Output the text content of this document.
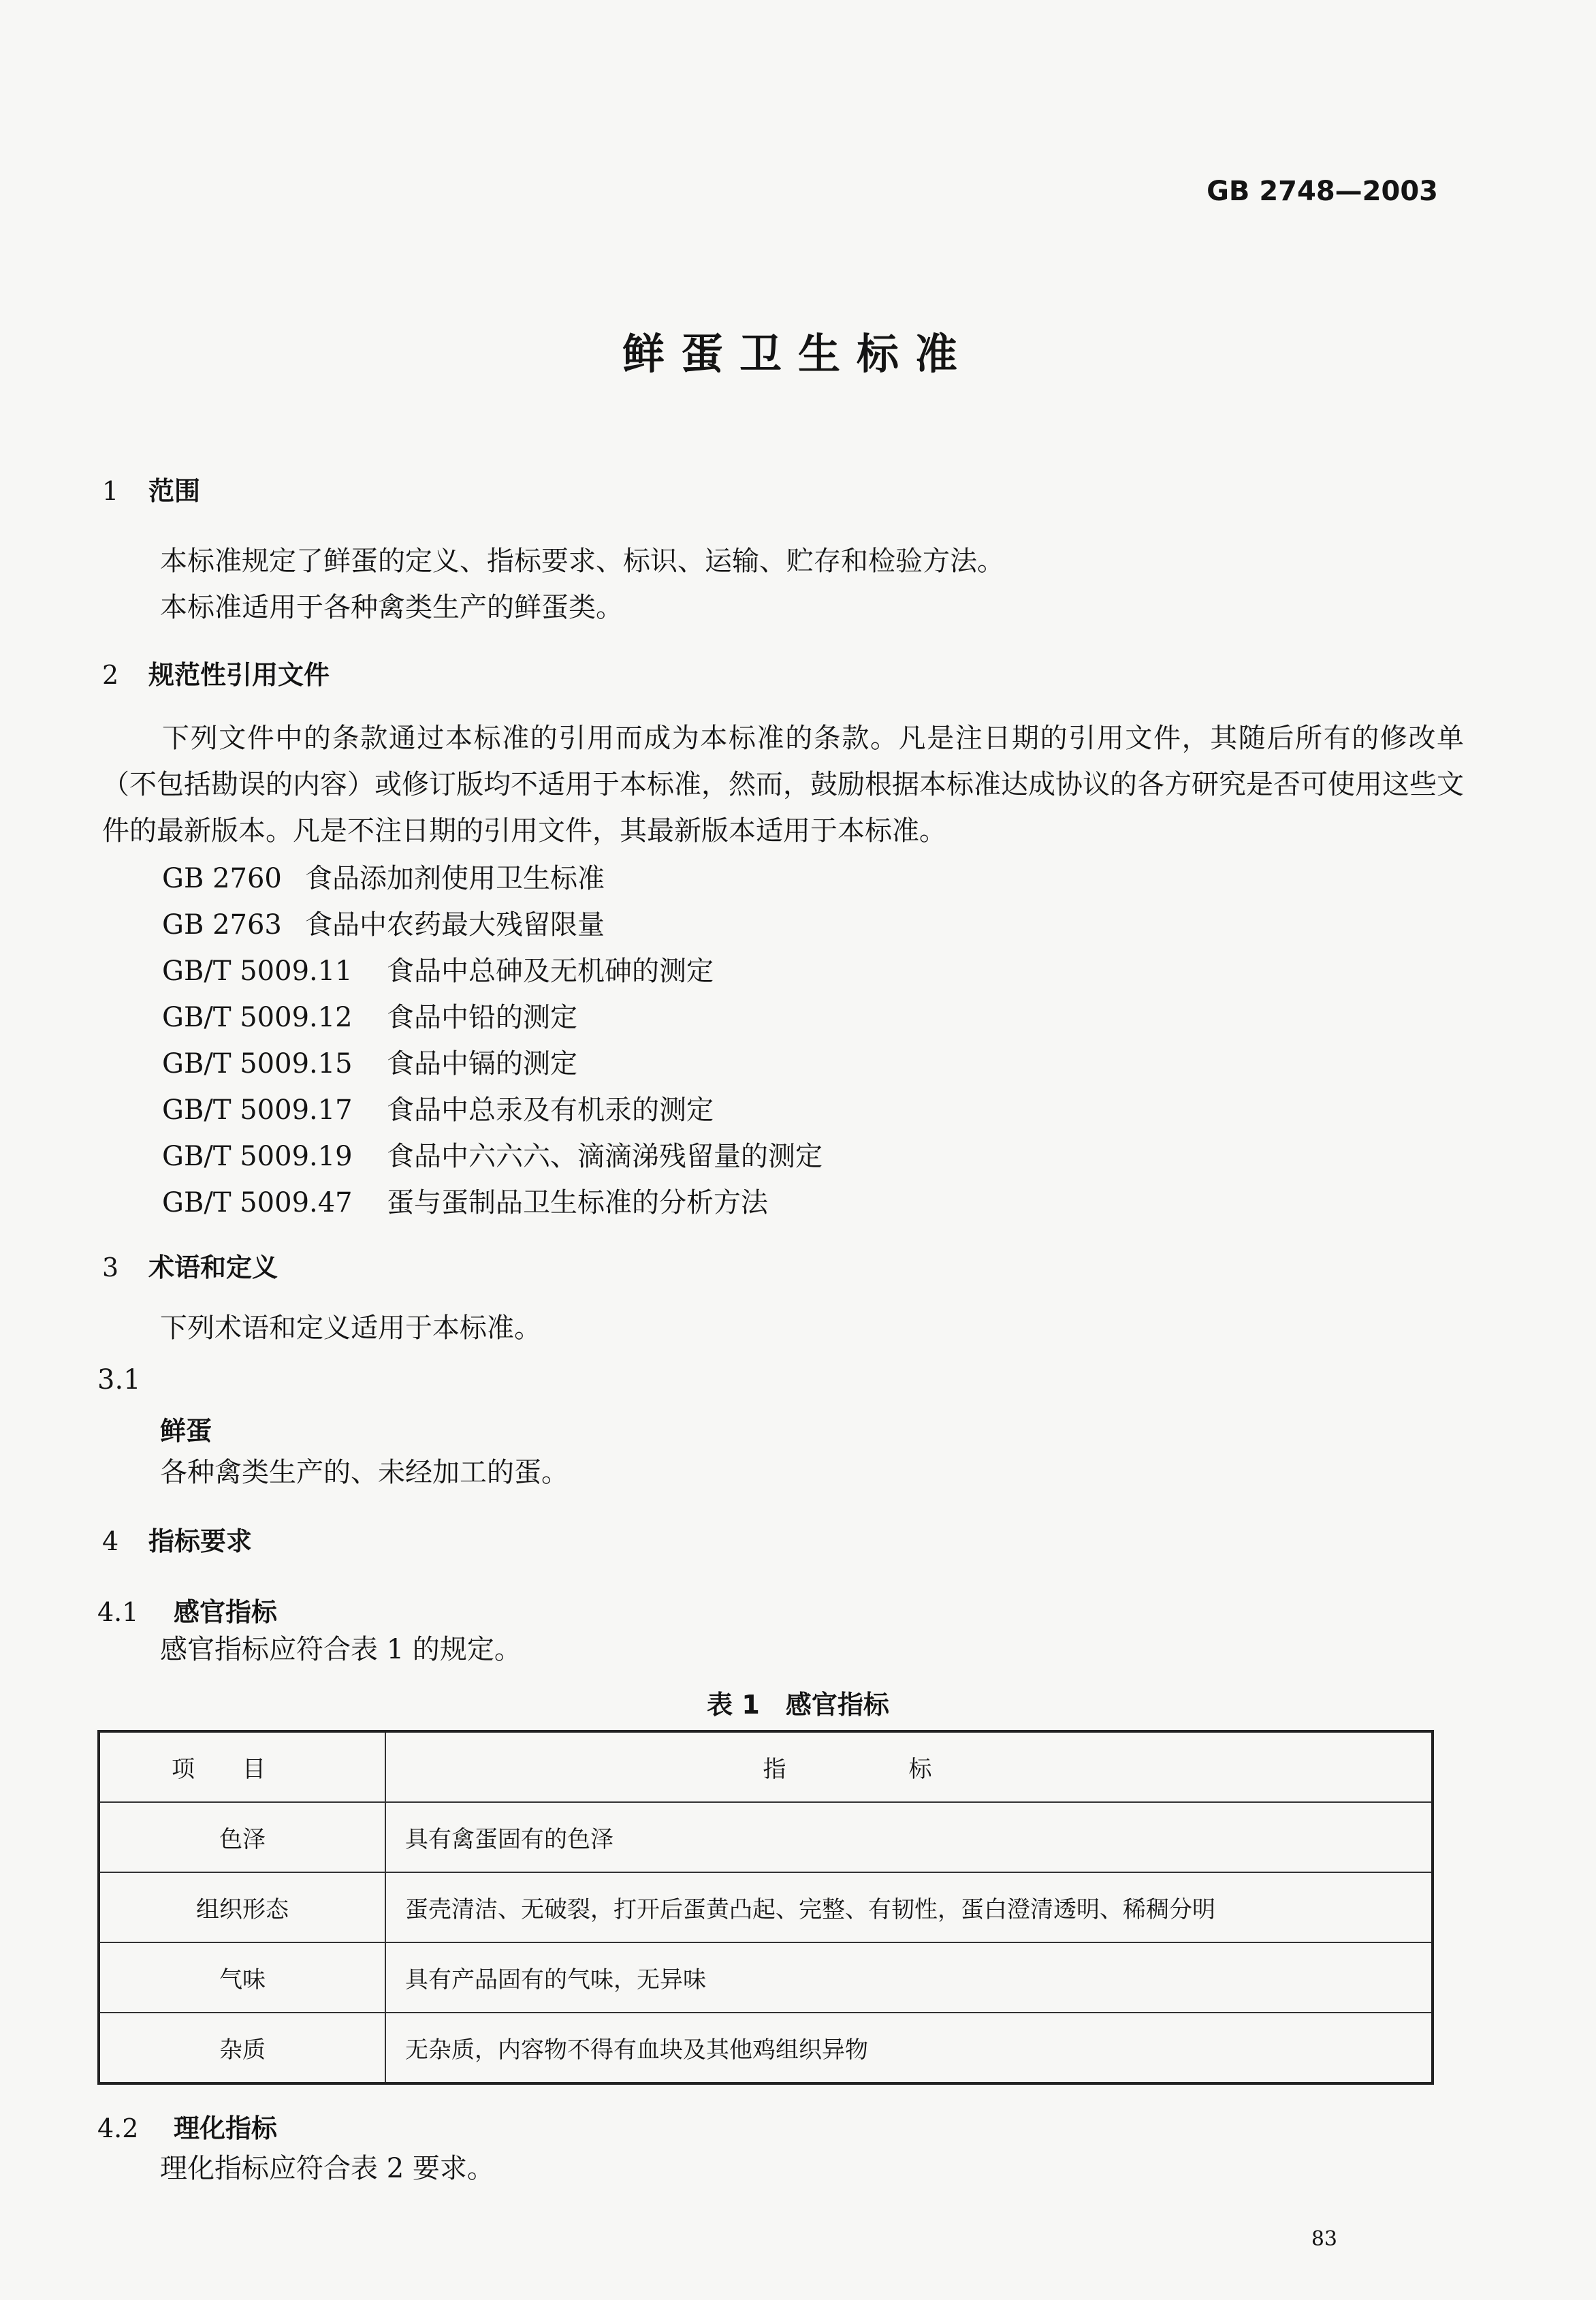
GB 2748—2003
鲜蛋卫生标准
1 范围
本标准规定了鲜蛋的定义、指标要求、标识、运输、贮存和检验方法。
本标准适用于各种禽类生产的鲜蛋类。
2 规范性引用文件
下列文件中的条款通过本标准的引用而成为本标准的条款。凡是注日期的引用文件，其随后所有的修改单（不包括勘误的内容）或修订版均不适用于本标准，然而，鼓励根据本标准达成协议的各方研究是否可使用这些文件的最新版本。凡是不注日期的引用文件，其最新版本适用于本标准。
GB 2760 食品添加剂使用卫生标准
GB 2763 食品中农药最大残留限量
GB/T 5009.11 食品中总砷及无机砷的测定
GB/T 5009.12 食品中铅的测定
GB/T 5009.15 食品中镉的测定
GB/T 5009.17 食品中总汞及有机汞的测定
GB/T 5009.19 食品中六六六、滴滴涕残留量的测定
GB/T 5009.47 蛋与蛋制品卫生标准的分析方法
3 术语和定义
下列术语和定义适用于本标准。
3.1
鲜蛋
各种禽类生产的、未经加工的蛋。
4 指标要求
4.1 感官指标
感官指标应符合表 1 的规定。
表 1　感官指标
项目	指标
色泽	具有禽蛋固有的色泽
组织形态	蛋壳清洁、无破裂，打开后蛋黄凸起、完整、有韧性，蛋白澄清透明、稀稠分明
气味	具有产品固有的气味，无异味
杂质	无杂质，内容物不得有血块及其他鸡组织异物
4.2 理化指标
理化指标应符合表 2 要求。
83
